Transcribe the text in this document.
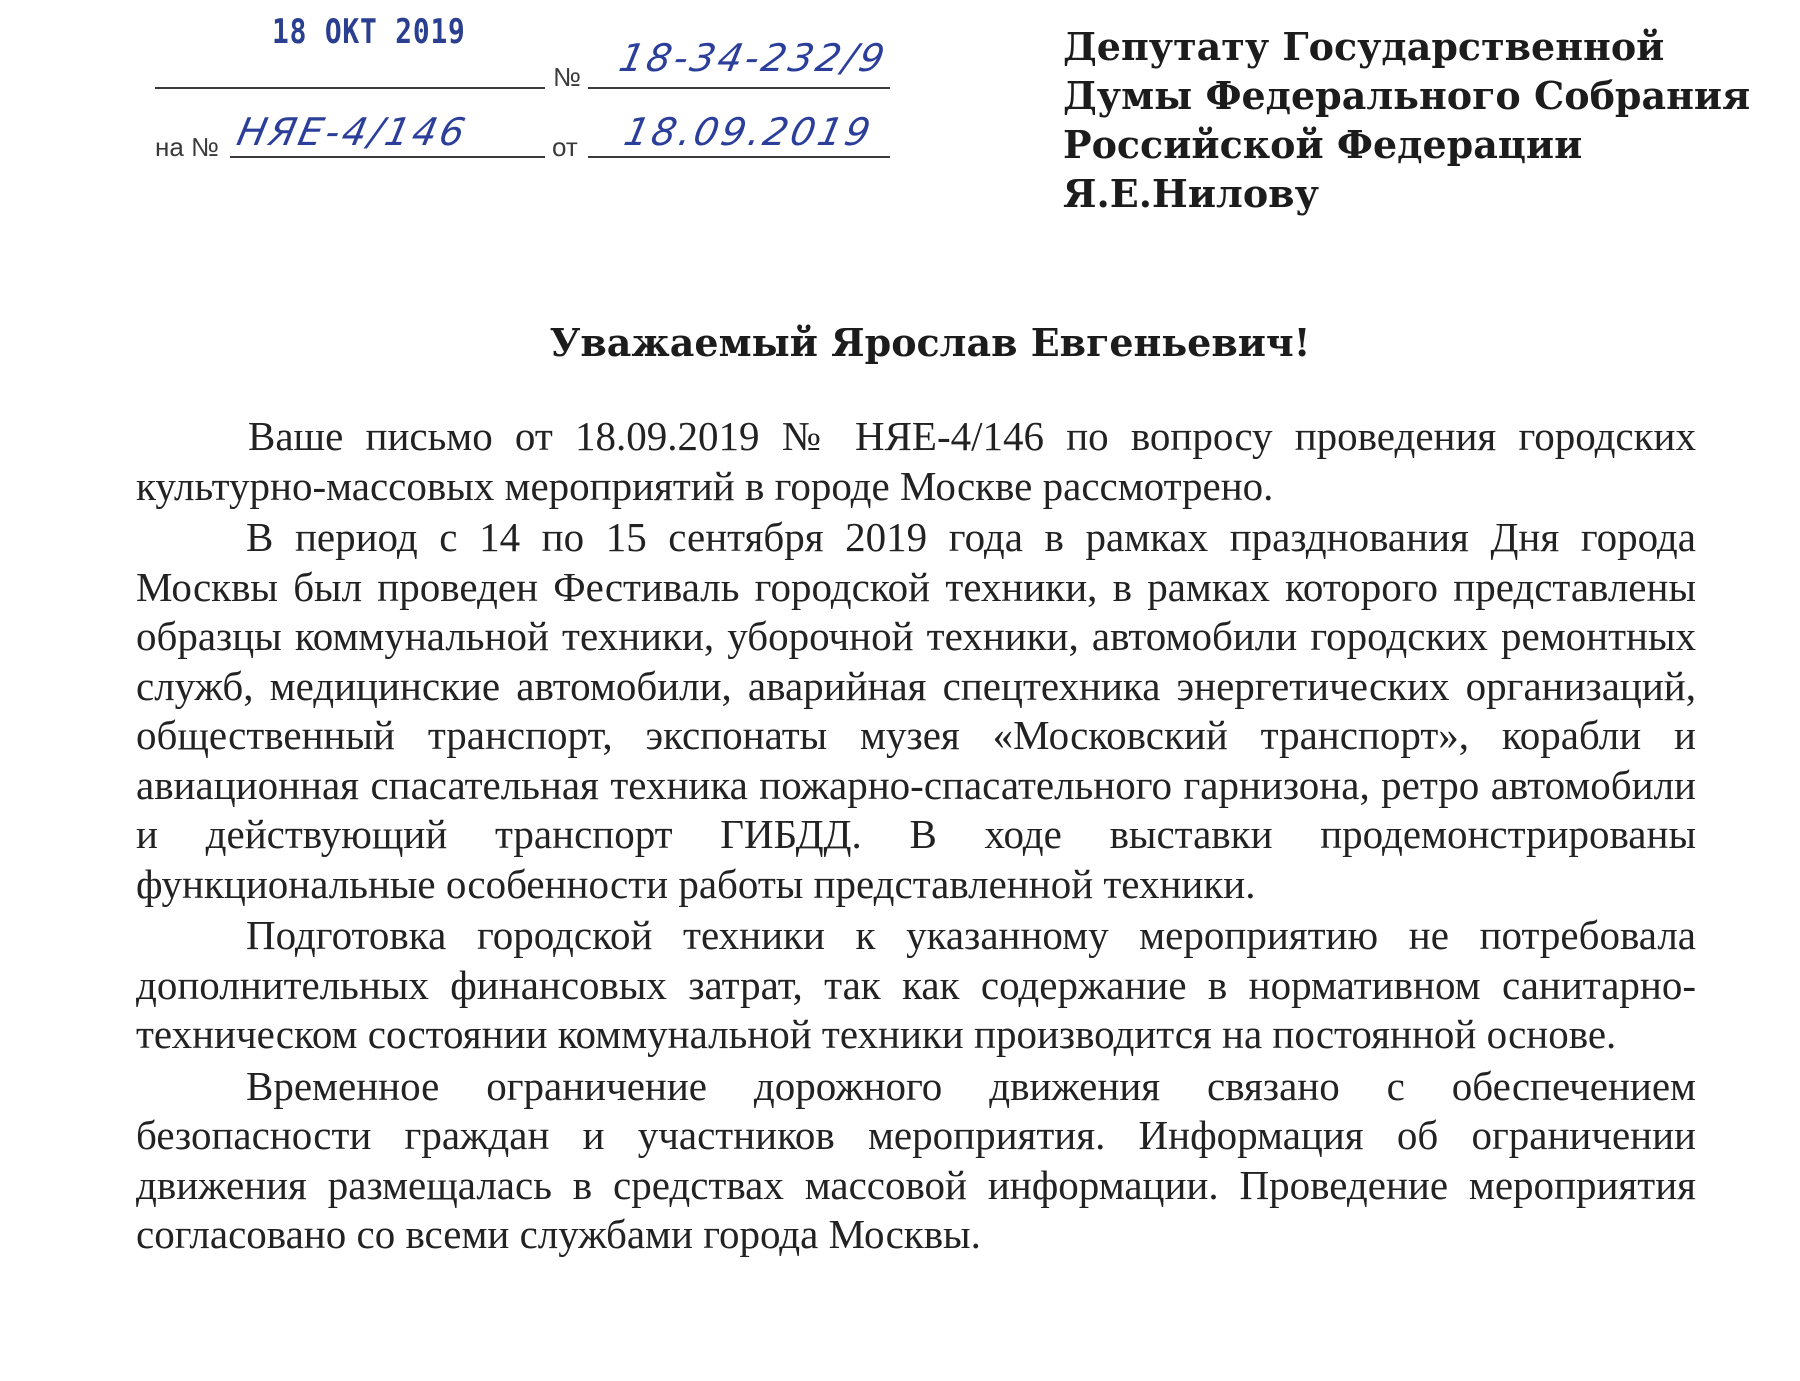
18 ОКТ 2019
№ 18-34-232/9
на № НЯЕ-4/146	от 18.09.2019
Депутату Государственной
Думы Федерального Собрания
Российской Федерации
Я.Е.Нилову
Уважаемый Ярослав Евгеньевич!

Ваше письмо от 18.09.2019 № НЯЕ-4/146 по вопросу проведения городских культурно-массовых мероприятий в городе Москве рассмотрено.

В период с 14 по 15 сентября 2019 года в рамках празднования Дня города Москвы был проведен Фестиваль городской техники, в рамках которого представлены образцы коммунальной техники, уборочной техники, автомобили городских ремонтных служб, медицинские автомобили, аварийная спецтехника энергетических организаций, общественный транспорт, экспонаты музея «Московский транспорт», корабли и авиационная спасательная техника пожарно-спасательного гарнизона, ретро автомобили и действующий транспорт ГИБДД. В ходе выставки продемонстрированы функциональные особенности работы представленной техники.

Подготовка городской техники к указанному мероприятию не потребовала дополнительных финансовых затрат, так как содержание в нормативном санитарно-техническом состоянии коммунальной техники производится на постоянной основе.

Временное ограничение дорожного движения связано с обеспечением безопасности граждан и участников мероприятия. Информация об ограничении движения размещалась в средствах массовой информации. Проведение мероприятия согласовано со всеми службами города Москвы.
